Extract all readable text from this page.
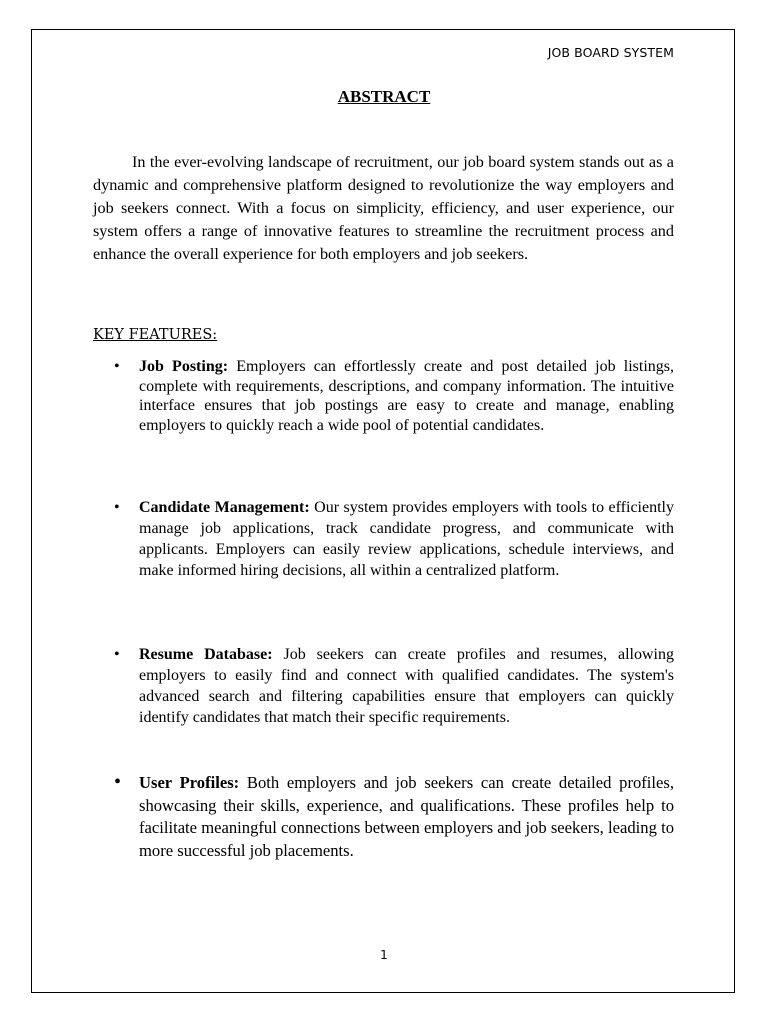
JOB BOARD SYSTEM
ABSTRACT

In the ever-evolving landscape of recruitment, our job board system stands out as a dynamic and comprehensive platform designed to revolutionize the way employers and job seekers connect. With a focus on simplicity, efficiency, and user experience, our system offers a range of innovative features to streamline the recruitment process and enhance the overall experience for both employers and job seekers.

KEY FEATURES:

• Job Posting: Employers can effortlessly create and post detailed job listings, complete with requirements, descriptions, and company information. The intuitive interface ensures that job postings are easy to create and manage, enabling employers to quickly reach a wide pool of potential candidates.

• Candidate Management: Our system provides employers with tools to efficiently manage job applications, track candidate progress, and communicate with applicants. Employers can easily review applications, schedule interviews, and make informed hiring decisions, all within a centralized platform.

• Resume Database: Job seekers can create profiles and resumes, allowing employers to easily find and connect with qualified candidates. The system's advanced search and filtering capabilities ensure that employers can quickly identify candidates that match their specific requirements.

• User Profiles: Both employers and job seekers can create detailed profiles, showcasing their skills, experience, and qualifications. These profiles help to facilitate meaningful connections between employers and job seekers, leading to more successful job placements.

1
